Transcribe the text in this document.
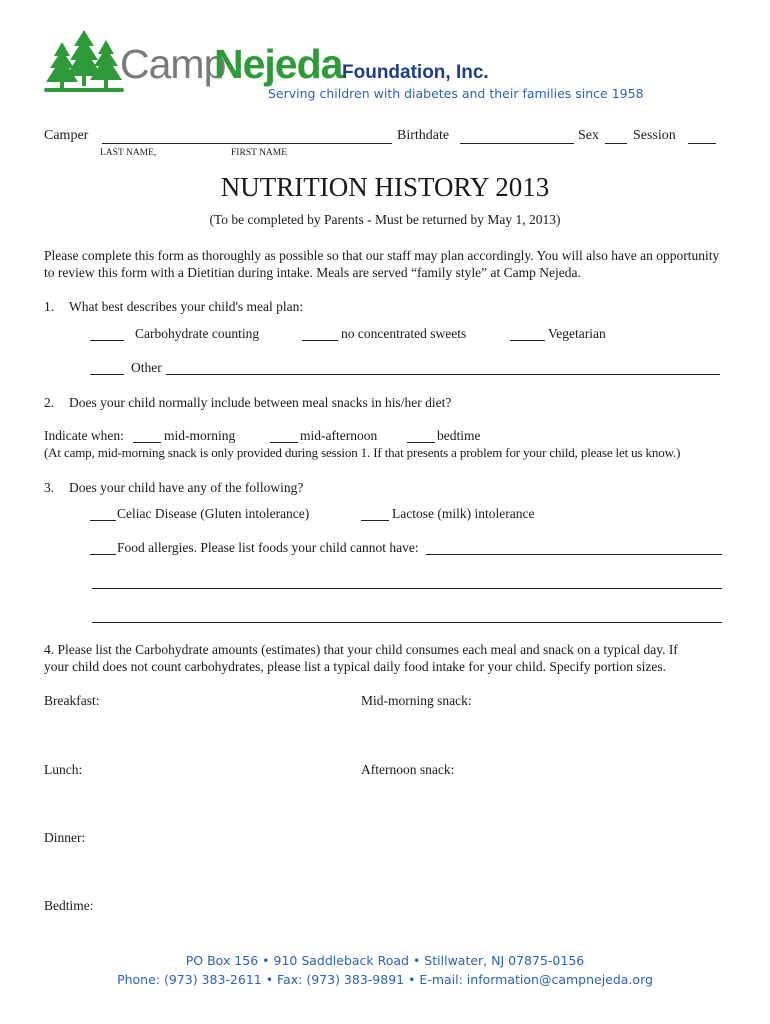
Camp
Nejeda Foundation, Inc.
Serving children with diabetes and their families since 1958
Camper	Birthdate	Sex Session
LAST NAME,	FIRST NAME
NUTRITION HISTORY 2013
(To be completed by Parents - Must be returned by May 1, 2013)
Please complete this form as thoroughly as possible so that our staff may plan accordingly. You will also have an opportunity
to review this form with a Dietitian during intake. Meals are served “family style” at Camp Nejeda.
1. What best describes your child's meal plan:
Carbohydrate counting	no concentrated sweets	Vegetarian
Other
2. Does your child normally include between meal snacks in his/her diet?
Indicate when:	mid-morning	mid-afternoon	bedtime
(At camp, mid-morning snack is only provided during session 1. If that presents a problem for your child, please let us know.)
3. Does your child have any of the following?
Celiac Disease (Gluten intolerance)	Lactose (milk) intolerance
Food allergies. Please list foods your child cannot have:
4. Please list the Carbohydrate amounts (estimates) that your child consumes each meal and snack on a typical day. If
your child does not count carbohydrates, please list a typical daily food intake for your child. Specify portion sizes.
Breakfast:	Mid-morning snack:
Lunch:	Afternoon snack:
Dinner:
Bedtime:
PO Box 156 • 910 Saddleback Road • Stillwater, NJ 07875-0156
Phone: (973) 383-2611 • Fax: (973) 383-9891 • E-mail: information@campnejeda.org
